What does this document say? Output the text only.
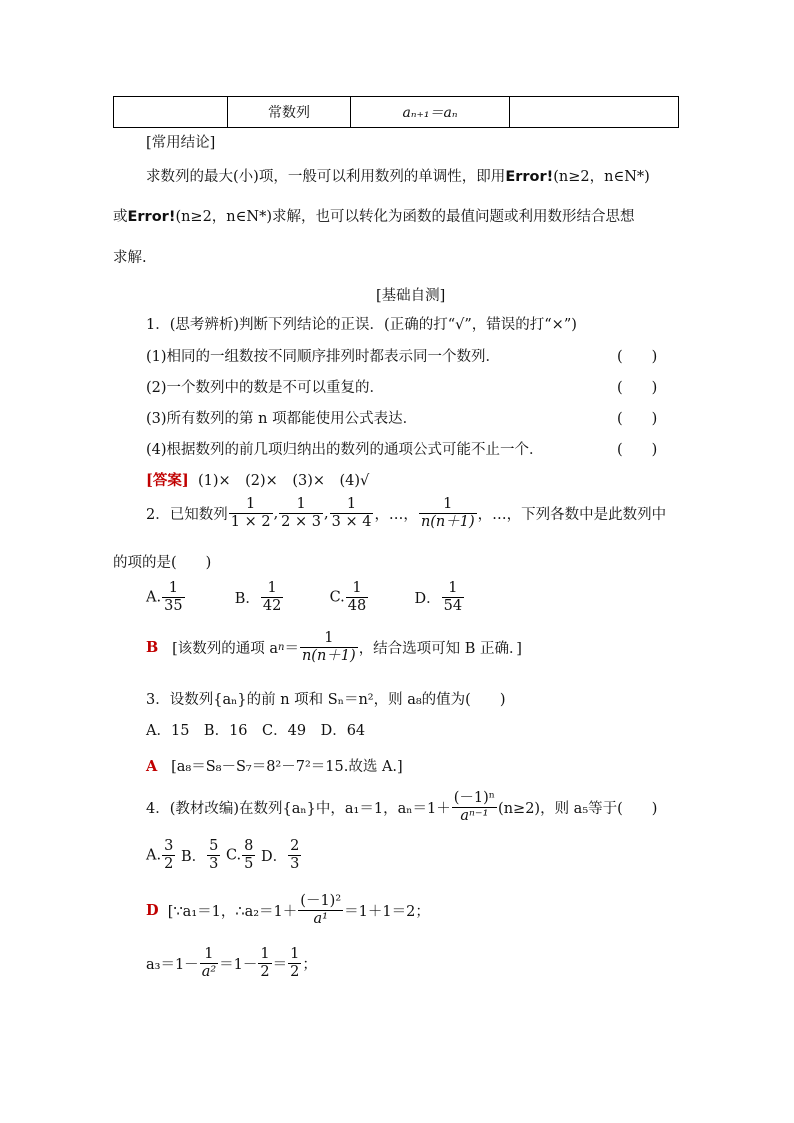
	常数列	aₙ₊₁＝aₙ	
[常用结论]
求数列的最大(小)项，一般可以利用数列的单调性，即用Error!(n≥2，n∈N*)
或Error!(n≥2，n∈N*)求解，也可以转化为函数的最值问题或利用数形结合思想
求解.
[基础自测]
1．(思考辨析)判断下列结论的正误．(正确的打“√”，错误的打“×”)
(1)相同的一组数按不同顺序排列时都表示同一个数列．	(　　)
(2)一个数列中的数是不可以重复的．	(　　)
(3)所有数列的第 n 项都能使用公式表达．	(　　)
(4)根据数列的前几项归纳出的数列的通项公式可能不止一个．	(　　)
[答案] (1)×　(2)×　(3)×　(4)√
2．已知数列 $\frac{1}{1 \times 2}$ , $\frac{1}{2 \times 3}$ , $\frac{1}{3 \times 4}$ ，…， $\frac{1}{n(n+1)}$ ，…，下列各数中是此数列中
的项的是(　　)
A. $\frac{1}{35}$	B． $\frac{1}{42}$	C. $\frac{1}{48}$	D． $\frac{1}{54}$
B [该数列的通项 $an= \frac{1}{n(n+1)}$ ，结合选项可知 B 正确．]
3．设数列{aₙ}的前 n 项和 Sₙ＝n²，则 a₈的值为(　　)
A．15　B．16　C．49　D．64
A [a₈＝S₈－S₇＝8²－7²＝15.故选 A.]
4．(教材改编)在数列{aₙ}中，a₁＝1，$a_n=1+ \frac{\text{(－1)ⁿ}}{\text{aⁿ⁻¹}} (n\ge 2)$，则 a₅等于(　　)
A. $\frac{3}{2}$ B． $\frac{5}{3} C$. $\frac{8}{5}$ D． $\frac{2}{3}$
D [∵a₁＝1，∴a₂＝1＋ $\frac{\text{(－1)²}}{\text{a¹}} =1+1=2$；
$a_3=1- \frac{1}{\text{a²}} =1- \frac{1}{2} = \frac{1}{2}$ ；
